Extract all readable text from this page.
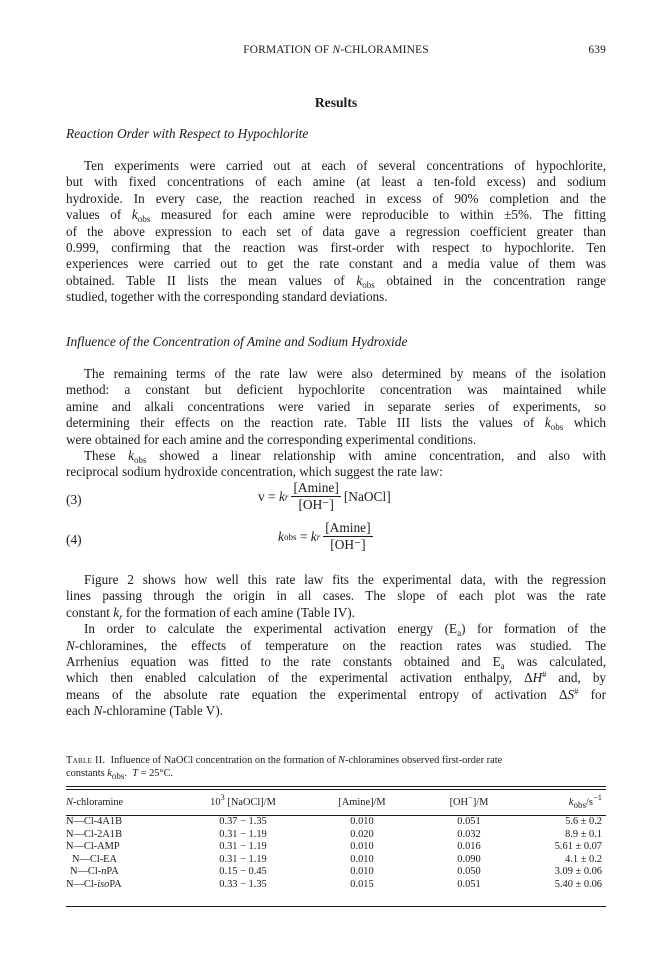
FORMATION OF N-CHLORAMINES	639
Results
Reaction Order with Respect to Hypochlorite

Ten experiments were carried out at each of several concentrations of hypochlorite,
but with fixed concentrations of each amine (at least a ten-fold excess) and sodium
hydroxide. In every case, the reaction reached in excess of 90% completion and the
values of $k_{obs}$ measured for each amine were reproducible to within ±5%. The fitting
of the above expression to each set of data gave a regression coefficient greater than
0.999, confirming that the reaction was first-order with respect to hypochlorite. Ten
experiences were carried out to get the rate constant and a media value of them was
obtained. Table II lists the mean values of $k_{obs}$ obtained in the concentration range
studied, together with the corresponding standard deviations.

Influence of the Concentration of Amine and Sodium Hydroxide

The remaining terms of the rate law were also determined by means of the isolation
method: a constant but deficient hypochlorite concentration was maintained while
amine and alkali concentrations were varied in separate series of experiments, so
determining their effects on the reaction rate. Table III lists the values of $k_{obs}$ which
were obtained for each amine and the corresponding experimental conditions.
These $k_{obs}$ showed a linear relationship with amine concentration, and also with
reciprocal sodium hydroxide concentration, which suggest the rate law:

(3)	v =
k r $\frac{[Amine]}{[OH^-]}$ [NaOCl]
(4)	k obs
=
k r $\frac{[Amine]}{[OH^-]}$

Figure 2 shows how well this rate law fits the experimental data, with the regression
lines passing through the origin in all cases. The slope of each plot was the rate
constant $k_r$ for the formation of each amine (Table IV).
In order to calculate the experimental activation energy $(E_a)$ for formation of the
N-chloramines, the effects of temperature on the reaction rates was studied. The
Arrhenius equation was fitted to the rate constants obtained and $E_a$ was calculated,
which then enabled calculation of the experimental activation enthalpy, ΔH# and, by
means of the absolute rate equation the experimental entropy of activation ΔS# for
each N-chloramine (Table V).

Table II. Influence of NaOCl concentration on the formation of N-chloramines observed first-order rate
constants $k_{obs}$. T = 25°C.
N-chloramine	$10^3$ [NaOCl]/M	[Amine]/M	[OH−]/M	$k_{obs}/s^{-1}$

N—Cl-4A1B	0.37 − 1.35	0.010	0.051	5.6 ± 0.2
N—Cl-2A1B	0.31 − 1.19	0.020	0.032	8.9 ± 0.1
N—Cl-AMP	0.31 − 1.19	0.010	0.016	5.61 ± 0.07
N—Cl-EA	0.31 − 1.19	0.010	0.090	4.1 ± 0.2
N—Cl-nPA	0.15 − 0.45	0.010	0.050	3.09 ± 0.06
N—Cl-isoPA	0.33 − 1.35	0.015	0.051	5.40 ± 0.06
